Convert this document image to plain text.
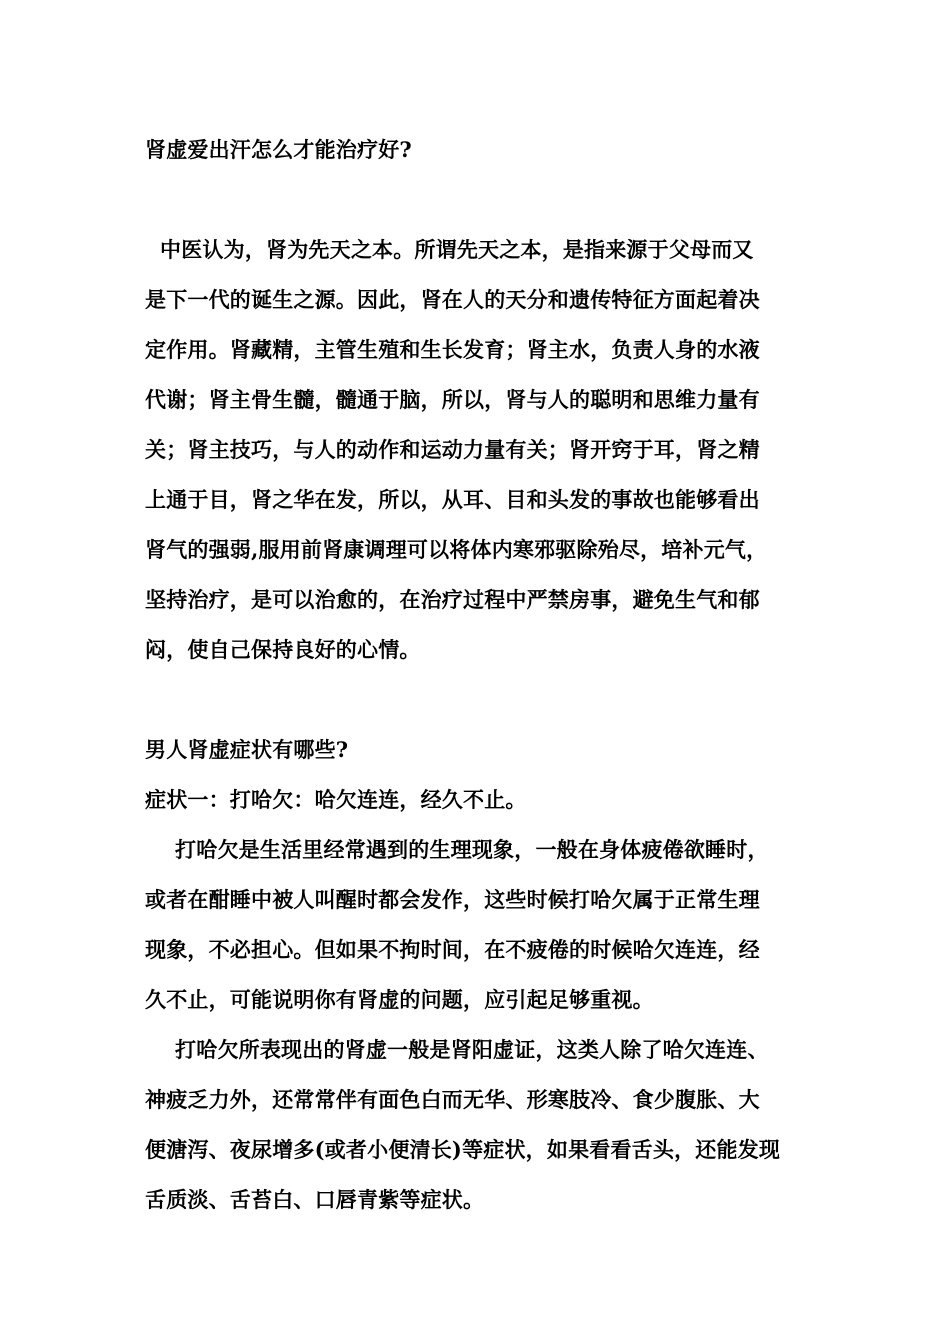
肾虚爱出汗怎么才能治疗好?
中医认为，肾为先天之本。所谓先天之本，是指来源于父母而又
是下一代的诞生之源。因此，肾在人的天分和遗传特征方面起着决
定作用。肾藏精，主管生殖和生长发育；肾主水，负责人身的水液
代谢；肾主骨生髓，髓通于脑，所以，肾与人的聪明和思维力量有
关；肾主技巧，与人的动作和运动力量有关；肾开窍于耳，肾之精
上通于目，肾之华在发，所以，从耳、目和头发的事故也能够看出
肾气的强弱,服用前肾康调理可以将体内寒邪驱除殆尽，培补元气，
坚持治疗，是可以治愈的，在治疗过程中严禁房事，避免生气和郁
闷，使自己保持良好的心情。
男人肾虚症状有哪些?
症状一：打哈欠：哈欠连连，经久不止。
打哈欠是生活里经常遇到的生理现象，一般在身体疲倦欲睡时，
或者在酣睡中被人叫醒时都会发作，这些时候打哈欠属于正常生理
现象，不必担心。但如果不拘时间，在不疲倦的时候哈欠连连，经
久不止，可能说明你有肾虚的问题，应引起足够重视。
打哈欠所表现出的肾虚一般是肾阳虚证，这类人除了哈欠连连、
神疲乏力外，还常常伴有面色白而无华、形寒肢冷、食少腹胀、大
便溏泻、夜尿增多(或者小便清长)等症状，如果看看舌头，还能发现
舌质淡、舌苔白、口唇青紫等症状。
